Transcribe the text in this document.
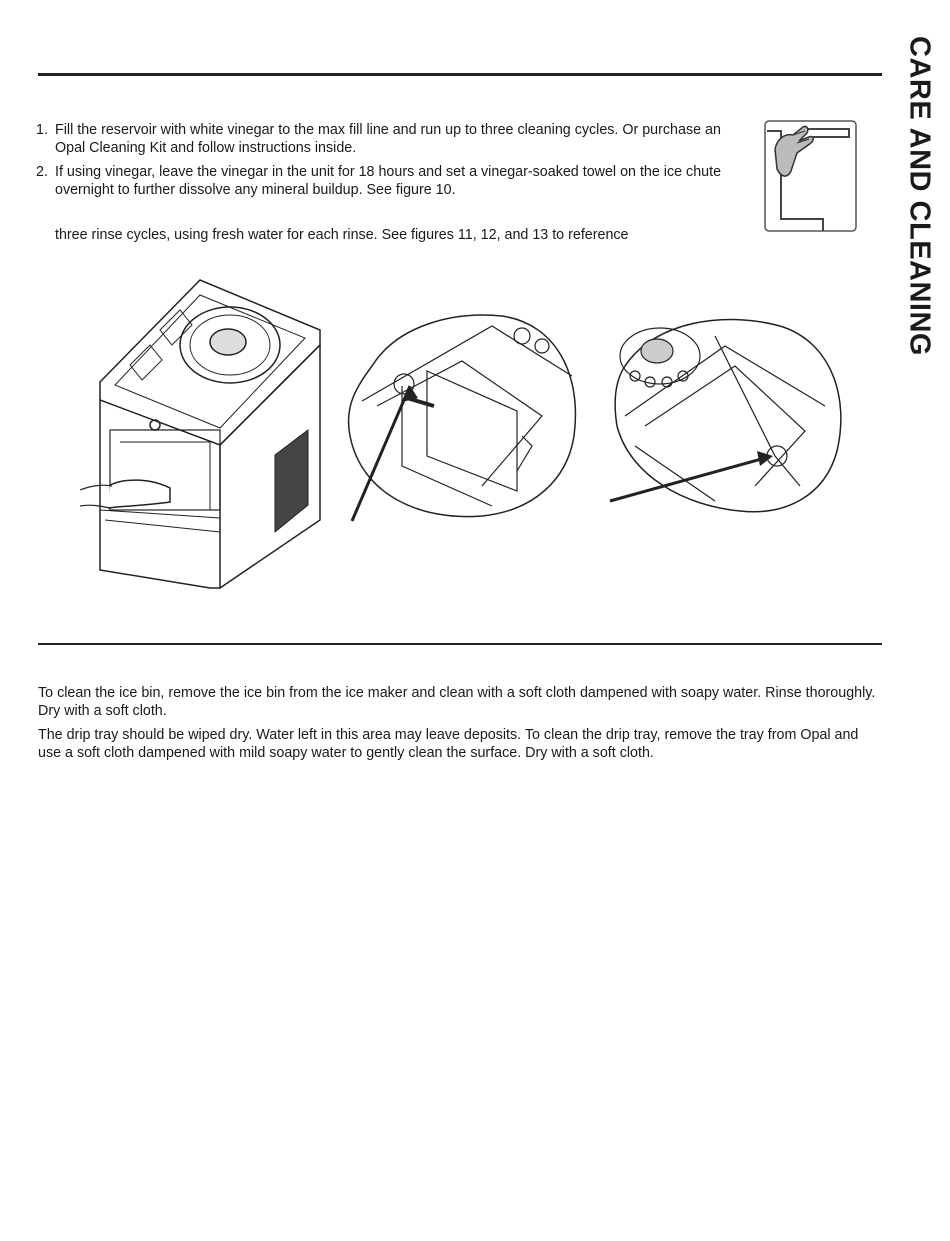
CARE AND CLEANING
1. Fill the reservoir with white vinegar to the max fill line and run up to three cleaning cycles. Or purchase an Opal Cleaning Kit and follow instructions inside.
2. If using vinegar, leave the vinegar in the unit for 18 hours and set a vinegar-soaked towel on the ice chute overnight to further dissolve any mineral buildup. See figure 10.
three rinse cycles, using fresh water for each rinse. See figures 11, 12, and 13 to reference

To clean the ice bin, remove the ice bin from the ice maker and clean with a soft cloth dampened with soapy water. Rinse thoroughly. Dry with a soft cloth.

The drip tray should be wiped dry. Water left in this area may leave deposits. To clean the drip tray, remove the tray from Opal and use a soft cloth dampened with mild soapy water to gently clean the surface. Dry with a soft cloth.
